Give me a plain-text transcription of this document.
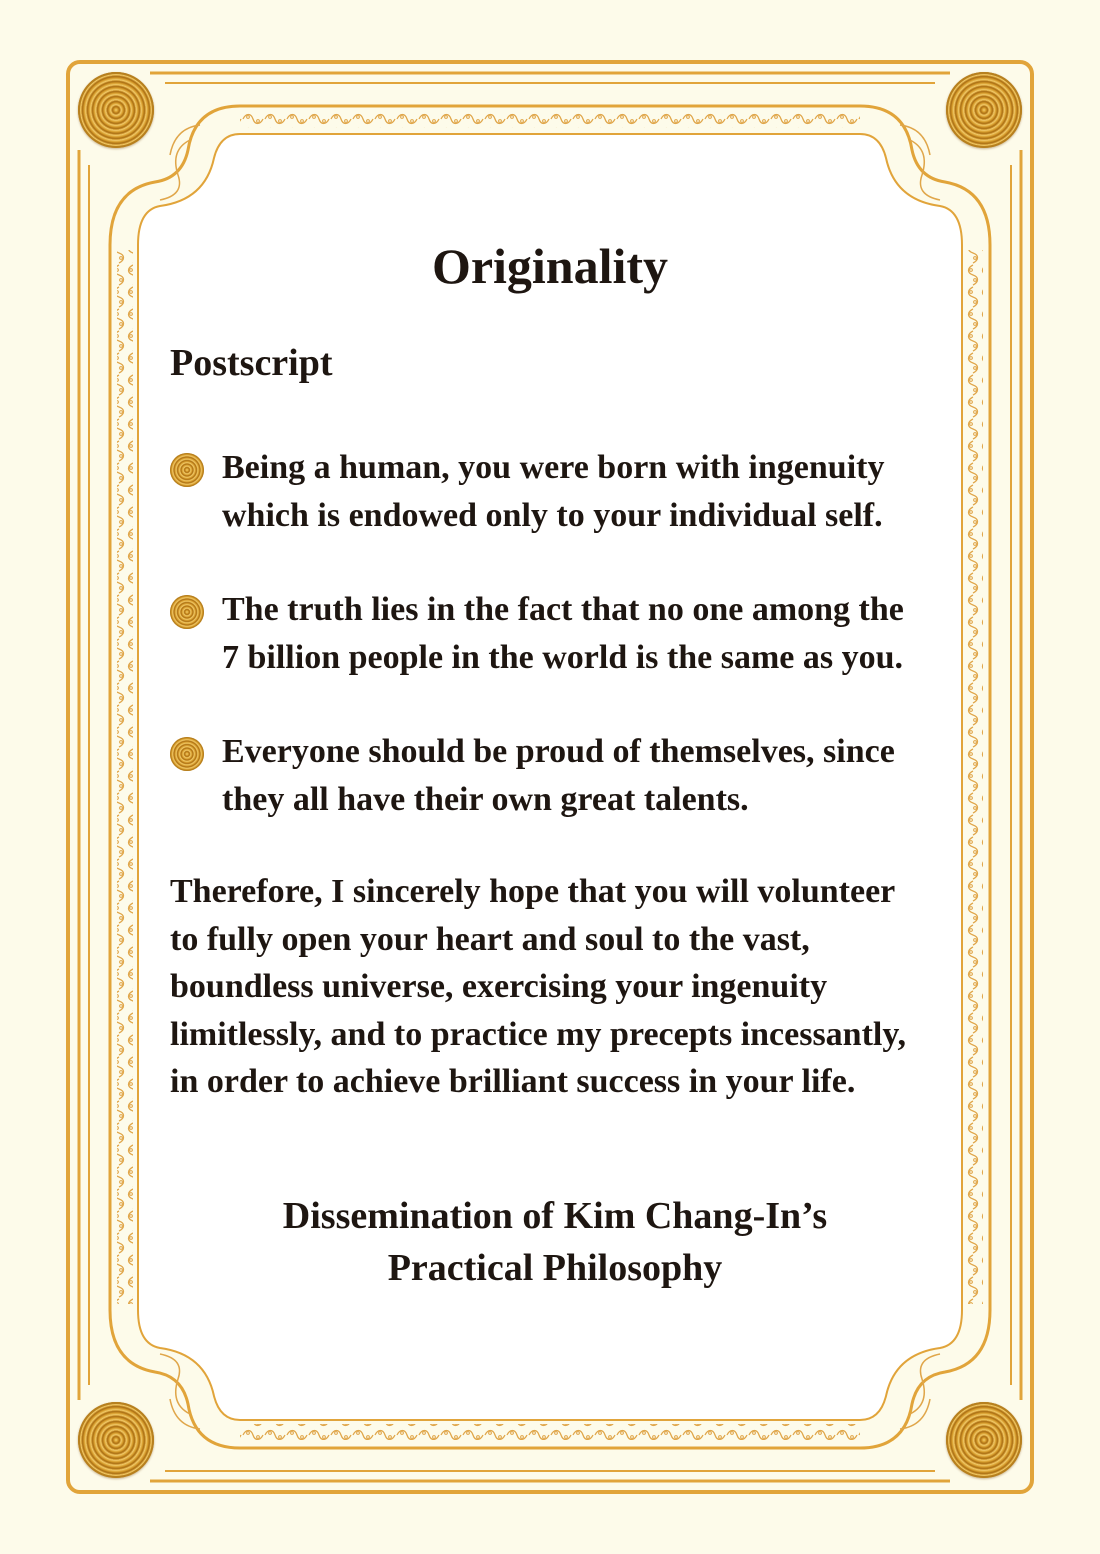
Originality
Postscript
Being a human, you were born with ingenuity
which is endowed only to your individual self.
The truth lies in the fact that no one among the
7 billion people in the world is the same as you.
Everyone should be proud of themselves, since
they all have their own great talents.
Therefore, I sincerely hope that you will volunteer
to fully open your heart and soul to the vast,
boundless universe, exercising your ingenuity
limitlessly, and to practice my precepts incessantly,
in order to achieve brilliant success in your life.
Dissemination of Kim Chang-In’s
Practical Philosophy
